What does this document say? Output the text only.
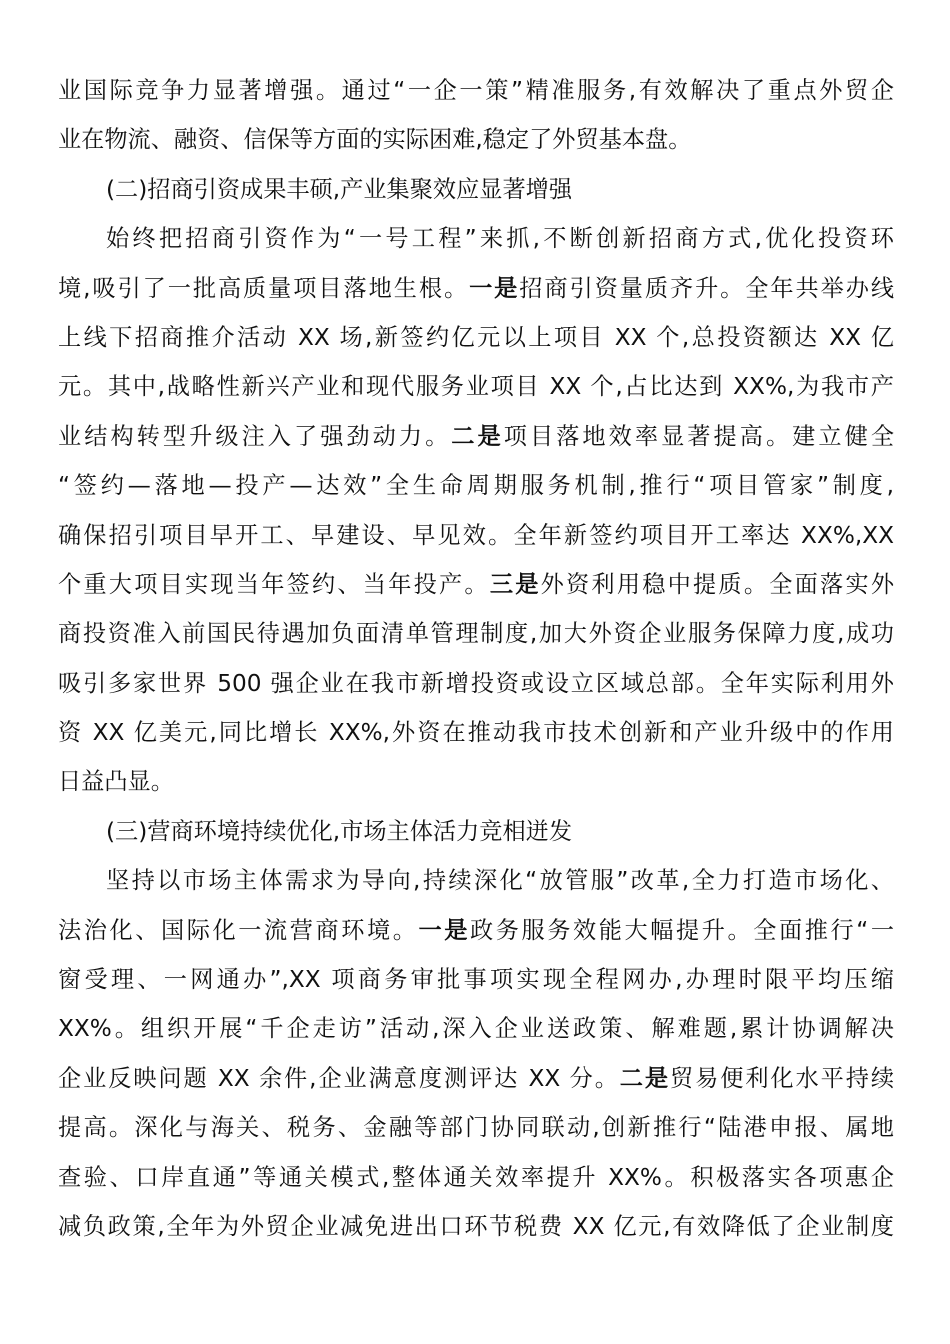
业国际竞争力显著增强。通过“一企一策”精准服务,有效解决了重点外贸企
业在物流、融资、信保等方面的实际困难,稳定了外贸基本盘。
(二)招商引资成果丰硕,产业集聚效应显著增强
始终把招商引资作为“一号工程”来抓,不断创新招商方式,优化投资环
境,吸引了一批高质量项目落地生根。一是招商引资量质齐升。全年共举办线
上线下招商推介活动 XX 场,新签约亿元以上项目 XX 个,总投资额达 XX 亿
元。其中,战略性新兴产业和现代服务业项目 XX 个,占比达到 XX%,为我市产
业结构转型升级注入了强劲动力。二是项目落地效率显著提高。建立健全
“签约—落地—投产—达效”全生命周期服务机制,推行“项目管家”制度,
确保招引项目早开工、早建设、早见效。全年新签约项目开工率达 XX%,XX
个重大项目实现当年签约、当年投产。三是外资利用稳中提质。全面落实外
商投资准入前国民待遇加负面清单管理制度,加大外资企业服务保障力度,成功
吸引多家世界 500 强企业在我市新增投资或设立区域总部。全年实际利用外
资 XX 亿美元,同比增长 XX%,外资在推动我市技术创新和产业升级中的作用
日益凸显。
(三)营商环境持续优化,市场主体活力竞相迸发
坚持以市场主体需求为导向,持续深化“放管服”改革,全力打造市场化、
法治化、国际化一流营商环境。一是政务服务效能大幅提升。全面推行“一
窗受理、一网通办”,XX 项商务审批事项实现全程网办,办理时限平均压缩
XX%。组织开展“千企走访”活动,深入企业送政策、解难题,累计协调解决
企业反映问题 XX 余件,企业满意度测评达 XX 分。二是贸易便利化水平持续
提高。深化与海关、税务、金融等部门协同联动,创新推行“陆港申报、属地
查验、口岸直通”等通关模式,整体通关效率提升 XX%。积极落实各项惠企
减负政策,全年为外贸企业减免进出口环节税费 XX 亿元,有效降低了企业制度
